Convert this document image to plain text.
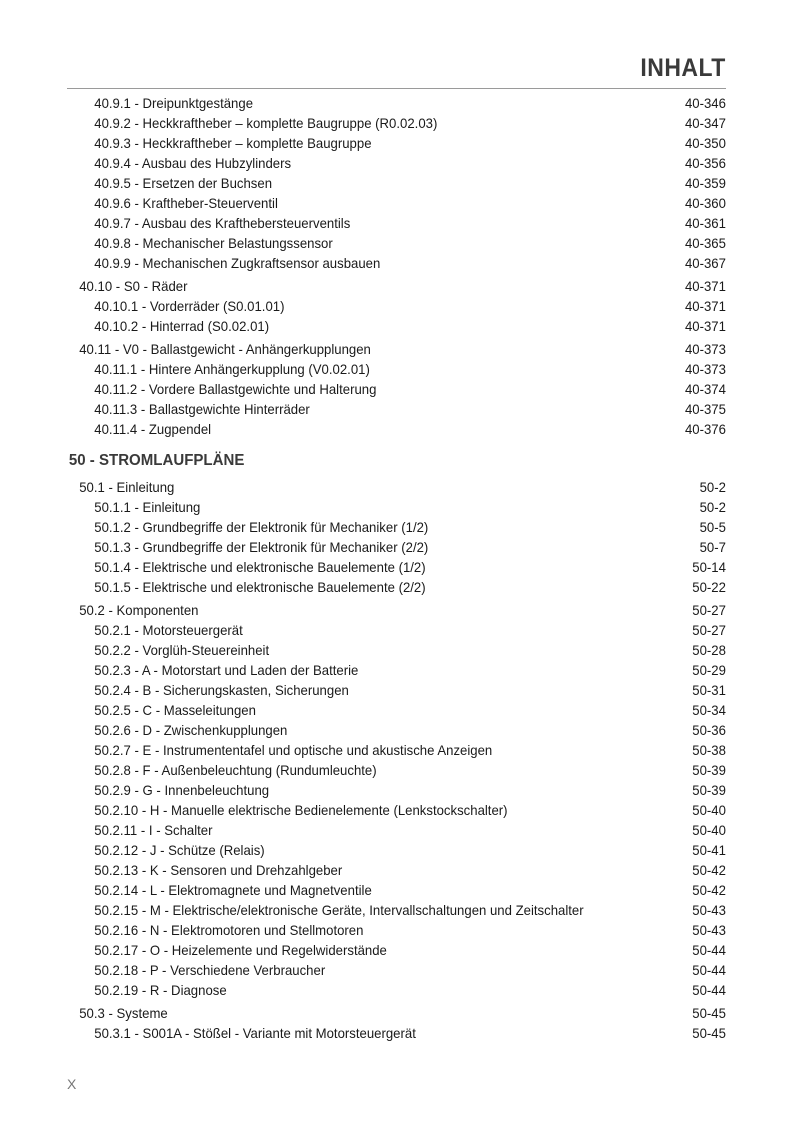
INHALT
40.9.1 - Dreipunktgestänge	40-346
40.9.2 - Heckkraftheber – komplette Baugruppe (R0.02.03)	40-347
40.9.3 - Heckkraftheber – komplette Baugruppe	40-350
40.9.4 - Ausbau des Hubzylinders	40-356
40.9.5 - Ersetzen der Buchsen	40-359
40.9.6 - Kraftheber-Steuerventil	40-360
40.9.7 - Ausbau des Krafthebersteuerventils	40-361
40.9.8 - Mechanischer Belastungssensor	40-365
40.9.9 - Mechanischen Zugkraftsensor ausbauen	40-367
40.10 - S0 - Räder	40-371
40.10.1 - Vorderräder (S0.01.01)	40-371
40.10.2 - Hinterrad (S0.02.01)	40-371
40.11 - V0 - Ballastgewicht - Anhängerkupplungen	40-373
40.11.1 - Hintere Anhängerkupplung (V0.02.01)	40-373
40.11.2 - Vordere Ballastgewichte und Halterung	40-374
40.11.3 - Ballastgewichte Hinterräder	40-375
40.11.4 - Zugpendel	40-376
50 - STROMLAUFPLÄNE
50.1 - Einleitung	50-2
50.1.1 - Einleitung	50-2
50.1.2 - Grundbegriffe der Elektronik für Mechaniker (1/2)	50-5
50.1.3 - Grundbegriffe der Elektronik für Mechaniker (2/2)	50-7
50.1.4 - Elektrische und elektronische Bauelemente (1/2)	50-14
50.1.5 - Elektrische und elektronische Bauelemente (2/2)	50-22
50.2 - Komponenten	50-27
50.2.1 - Motorsteuergerät	50-27
50.2.2 - Vorglüh-Steuereinheit	50-28
50.2.3 - A - Motorstart und Laden der Batterie	50-29
50.2.4 - B - Sicherungskasten, Sicherungen	50-31
50.2.5 - C - Masseleitungen	50-34
50.2.6 - D - Zwischenkupplungen	50-36
50.2.7 - E - Instrumententafel und optische und akustische Anzeigen	50-38
50.2.8 - F - Außenbeleuchtung (Rundumleuchte)	50-39
50.2.9 - G - Innenbeleuchtung	50-39
50.2.10 - H - Manuelle elektrische Bedienelemente (Lenkstockschalter)	50-40
50.2.11 - I - Schalter	50-40
50.2.12 - J - Schütze (Relais)	50-41
50.2.13 - K - Sensoren und Drehzahlgeber	50-42
50.2.14 - L - Elektromagnete und Magnetventile	50-42
50.2.15 - M - Elektrische/elektronische Geräte, Intervallschaltungen und Zeitschalter	50-43
50.2.16 - N - Elektromotoren und Stellmotoren	50-43
50.2.17 - O - Heizelemente und Regelwiderstände	50-44
50.2.18 - P - Verschiedene Verbraucher	50-44
50.2.19 - R - Diagnose	50-44
50.3 - Systeme	50-45
50.3.1 - S001A - Stößel - Variante mit Motorsteuergerät	50-45
X
